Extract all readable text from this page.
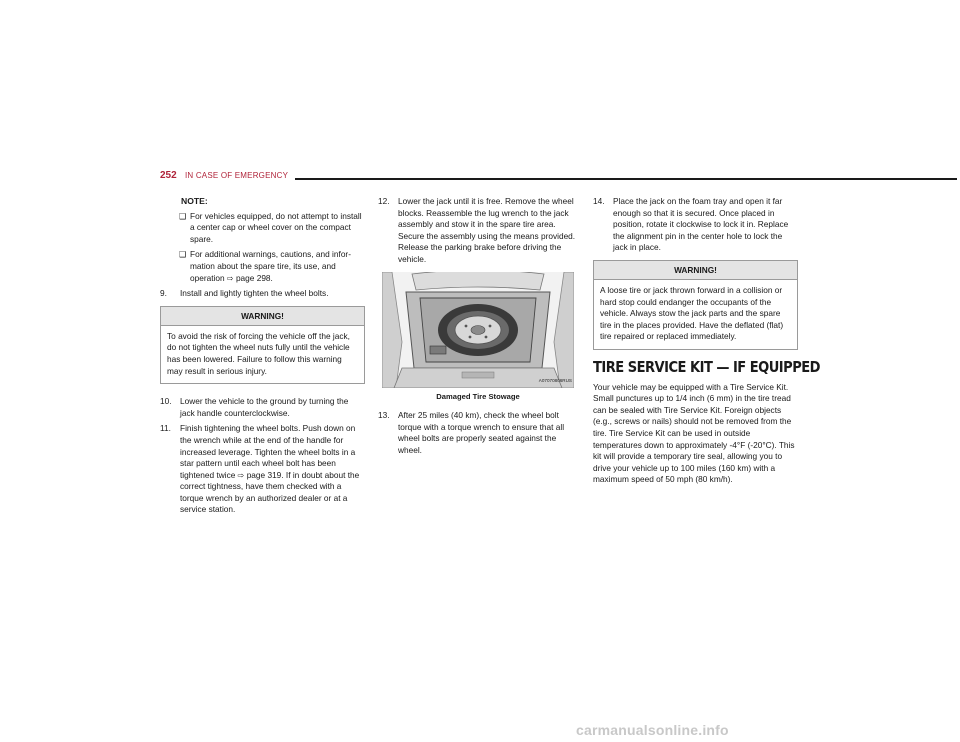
252 IN CASE OF EMERGENCY
NOTE:
❑ For vehicles equipped, do not attempt to install a center cap or wheel cover on the compact spare.
❑ For additional warnings, cautions, and infor-mation about the spare tire, its use, and operation ⇨ page 298.
9. Install and lightly tighten the wheel bolts.
WARNING!
To avoid the risk of forcing the vehicle off the jack, do not tighten the wheel nuts fully until the vehicle has been lowered. Failure to follow this warning may result in serious injury.
10. Lower the vehicle to the ground by turning the jack handle counterclockwise.
11. Finish tightening the wheel bolts. Push down on the wrench while at the end of the handle for increased leverage. Tighten the wheel bolts in a star pattern until each wheel bolt has been tightened twice ⇨ page 319. If in doubt about the correct tightness, have them checked with a torque wrench by an authorized dealer or at a service station.
12. Lower the jack until it is free. Remove the wheel blocks. Reassemble the lug wrench to the jack assembly and stow it in the spare tire area. Secure the assembly using the means provided. Release the parking brake before driving the vehicle.
A07070806RUS
Damaged Tire Stowage
13. After 25 miles (40 km), check the wheel bolt torque with a torque wrench to ensure that all wheel bolts are properly seated against the wheel.
14. Place the jack on the foam tray and open it far enough so that it is secured. Once placed in position, rotate it clockwise to lock it in. Replace the alignment pin in the center hole to lock the jack in place.
WARNING!
A loose tire or jack thrown forward in a collision or hard stop could endanger the occupants of the vehicle. Always stow the jack parts and the spare tire in the places provided. Have the deflated (flat) tire repaired or replaced immediately.
TIRE SERVICE KIT — IF EQUIPPED

Your vehicle may be equipped with a Tire Service Kit. Small punctures up to 1/4 inch (6 mm) in the tire tread can be sealed with Tire Service Kit. Foreign objects (e.g., screws or nails) should not be removed from the tire. Tire Service Kit can be used in outside temperatures down to approximately -4°F (-20°C). This kit will provide a temporary tire seal, allowing you to drive your vehicle up to 100 miles (160 km) with a maximum speed of 50 mph (80 km/h).

carmanualsonline.info
